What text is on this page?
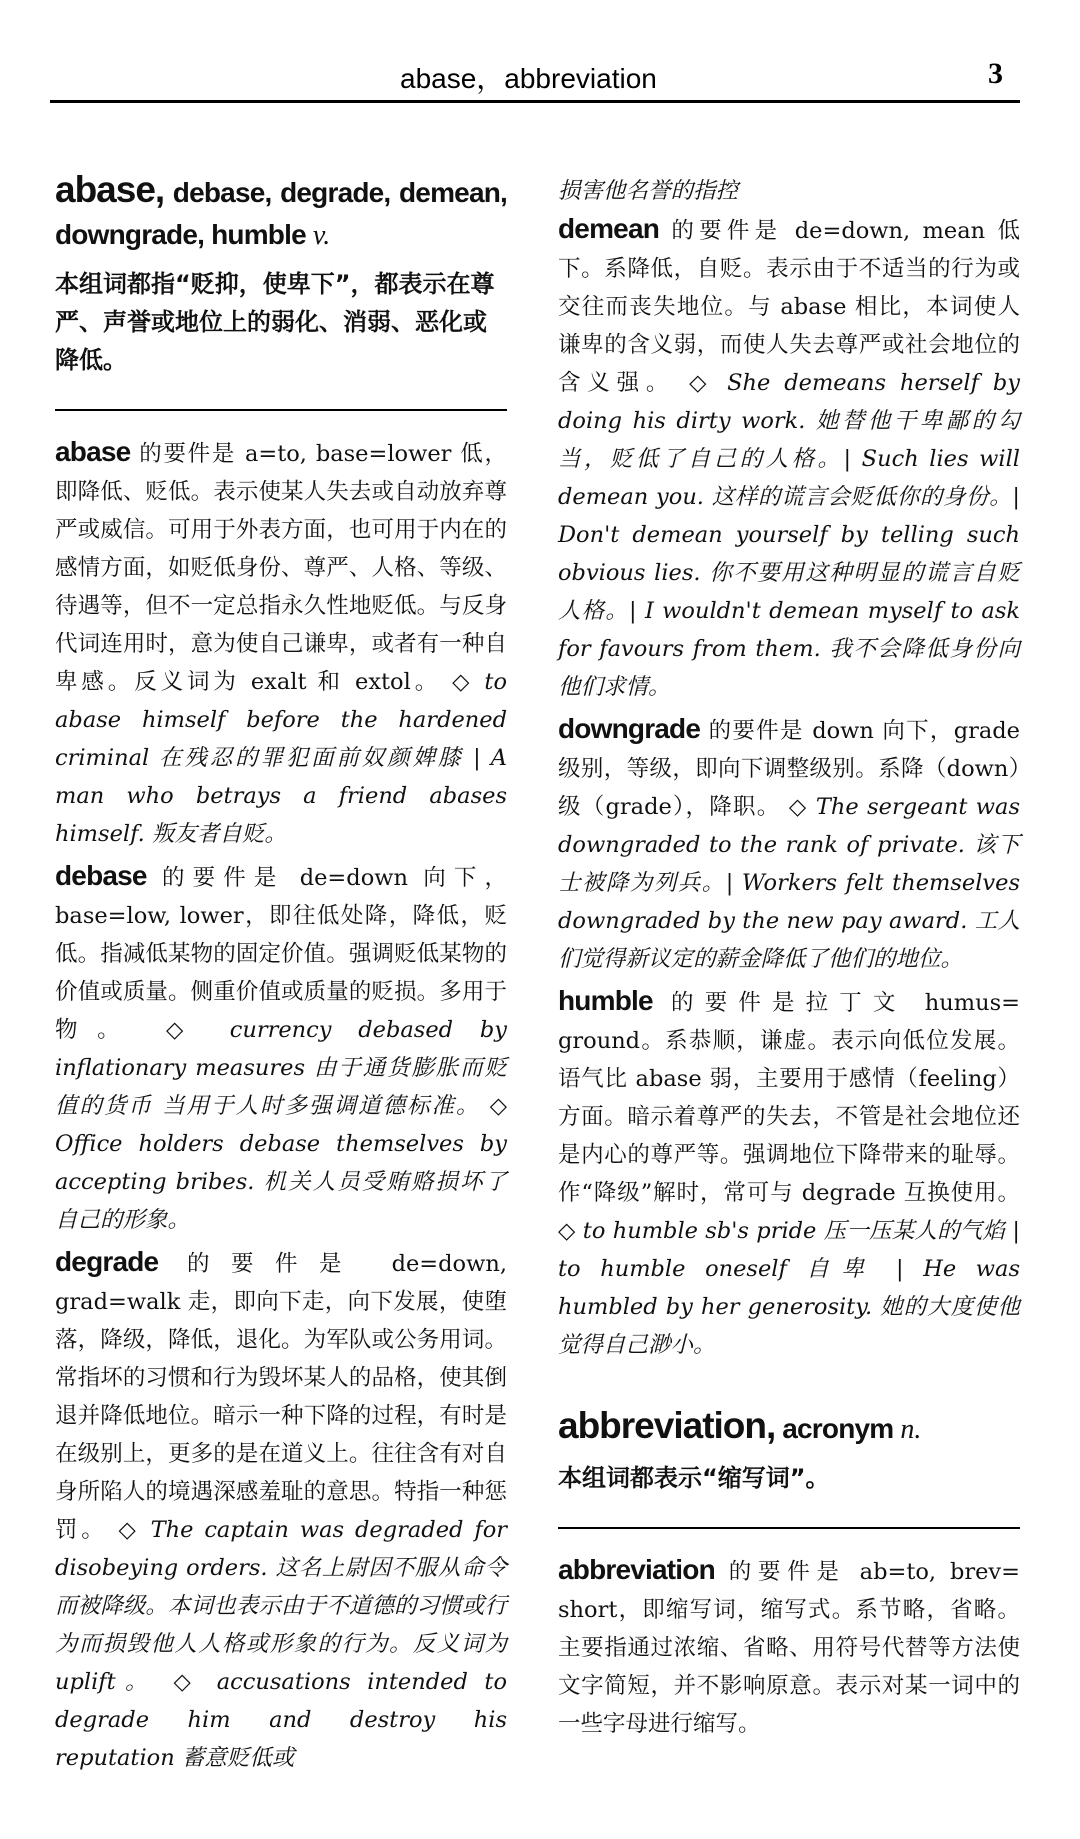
abase，abbreviation	3
abase, debase, degrade, demean, downgrade, humble v.
本组词都指“贬抑，使卑下”，都表示在尊严、声誉或地位上的弱化、消弱、恶化或降低。
abase 的要件是 a=to, base=lower 低，即降低、贬低。表示使某人失去或自动放弃尊严或威信。可用于外表方面，也可用于内在的感情方面，如贬低身份、尊严、人格、等级、待遇等，但不一定总指永久性地贬低。与反身代词连用时，意为使自己谦卑，或者有一种自卑感。反义词为 exalt 和 extol。 ◇ to abase himself before the hardened criminal 在残忍的罪犯面前奴颜婢膝 | A man who betrays a friend abases himself. 叛友者自贬。
debase 的要件是 de=down 向下，base=low, lower，即往低处降，降低，贬低。指减低某物的固定价值。强调贬低某物的价值或质量。侧重价值或质量的贬损。多用于物。 ◇ currency debased by inflationary measures 由于通货膨胀而贬值的货币 当用于人时多强调道德标准。 ◇ Office holders debase themselves by accepting bribes. 机关人员受贿赂损坏了自己的形象。
degrade 的要件是 de=down, grad=walk 走，即向下走，向下发展，使堕落，降级，降低，退化。为军队或公务用词。常指坏的习惯和行为毁坏某人的品格，使其倒退并降低地位。暗示一种下降的过程，有时是在级别上，更多的是在道义上。往往含有对自身所陷人的境遇深感羞耻的意思。特指一种惩罚。 ◇ The captain was degraded for disobeying orders. 这名上尉因不服从命令而被降级。本词也表示由于不道德的习惯或行为而损毁他人人格或形象的行为。反义词为 uplift。 ◇ accusations intended to degrade him and destroy his reputation 蓄意贬低或
损害他名誉的指控
demean 的要件是 de=down, mean 低下。系降低，自贬。表示由于不适当的行为或交往而丧失地位。与 abase 相比，本词使人谦卑的含义弱，而使人失去尊严或社会地位的含义强。 ◇ She demeans herself by doing his dirty work. 她替他干卑鄙的勾当，贬低了自己的人格。| Such lies will demean you. 这样的谎言会贬低你的身份。| Don't demean yourself by telling such obvious lies. 你不要用这种明显的谎言自贬人格。| I wouldn't demean myself to ask for favours from them. 我不会降低身份向他们求情。
downgrade 的要件是 down 向下，grade 级别，等级，即向下调整级别。系降（down）级（grade），降职。 ◇ The sergeant was downgraded to the rank of private. 该下士被降为列兵。| Workers felt themselves downgraded by the new pay award. 工人们觉得新议定的薪金降低了他们的地位。
humble 的要件是拉丁文 humus= ground。系恭顺，谦虚。表示向低位发展。语气比 abase 弱，主要用于感情（feeling）方面。暗示着尊严的失去，不管是社会地位还是内心的尊严等。强调地位下降带来的耻辱。作“降级”解时，常可与 degrade 互换使用。 ◇ to humble sb's pride 压一压某人的气焰 | to humble oneself 自卑 | He was humbled by her generosity. 她的大度使他觉得自己渺小。
abbreviation, acronym n.
本组词都表示“缩写词”。
abbreviation 的要件是 ab=to, brev= short，即缩写词，缩写式。系节略，省略。主要指通过浓缩、省略、用符号代替等方法使文字简短，并不影响原意。表示对某一词中的一些字母进行缩写。
